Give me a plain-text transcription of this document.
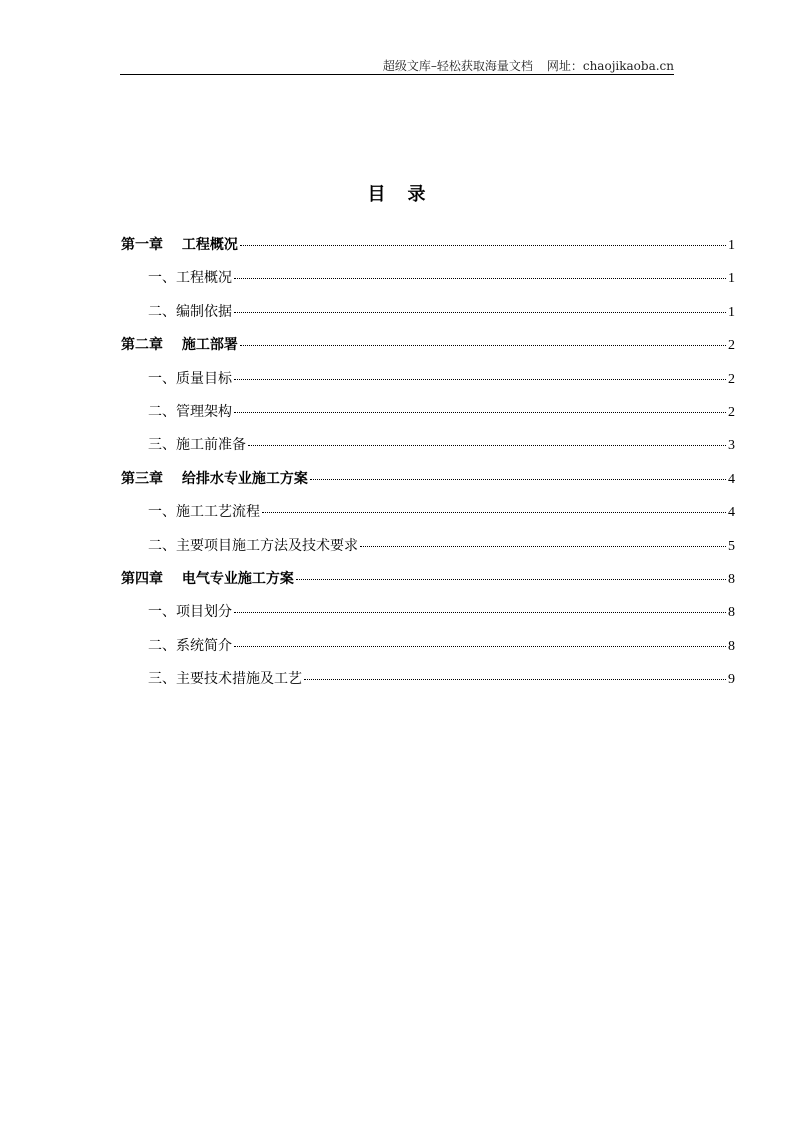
超级文库–轻松获取海量文档 网址：chaojikaoba.cn
目录
第一章　 工程概况	1
一、工程概况	1
二、编制依据	1
第二章　 施工部署	2
一、质量目标	2
二、管理架构	2
三、施工前准备	3
第三章　 给排水专业施工方案	4
一、施工工艺流程	4
二、主要项目施工方法及技术要求	5
第四章　 电气专业施工方案	8
一、项目划分	8
二、系统简介	8
三、主要技术措施及工艺	9
